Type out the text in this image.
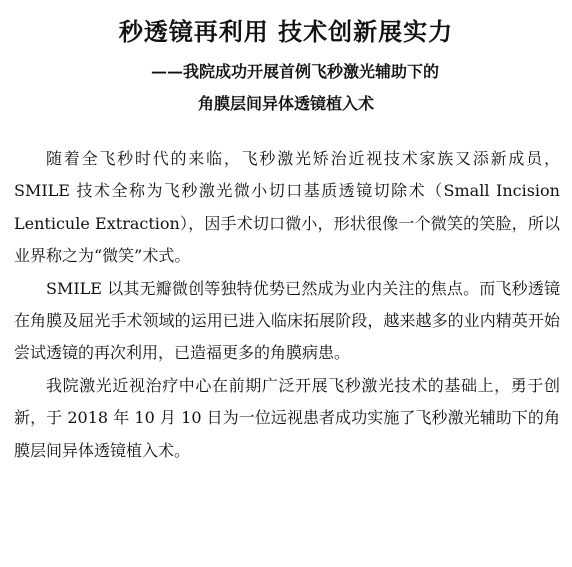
秒透镜再利用 技术创新展实力
——我院成功开展首例飞秒激光辅助下的
角膜层间异体透镜植入术

随着全飞秒时代的来临，飞秒激光矫治近视技术家族又添新成员，SMILE 技术全称为飞秒激光微小切口基质透镜切除术（Small Incision Lenticule Extraction），因手术切口微小，形状很像一个微笑的笑脸，所以业界称之为“微笑”术式。

SMILE 以其无瓣微创等独特优势已然成为业内关注的焦点。而飞秒透镜在角膜及屈光手术领域的运用已进入临床拓展阶段，越来越多的业内精英开始尝试透镜的再次利用，已造福更多的角膜病患。

我院激光近视治疗中心在前期广泛开展飞秒激光技术的基础上，勇于创新，于 2018 年 10 月 10 日为一位远视患者成功实施了飞秒激光辅助下的角膜层间异体透镜植入术。
